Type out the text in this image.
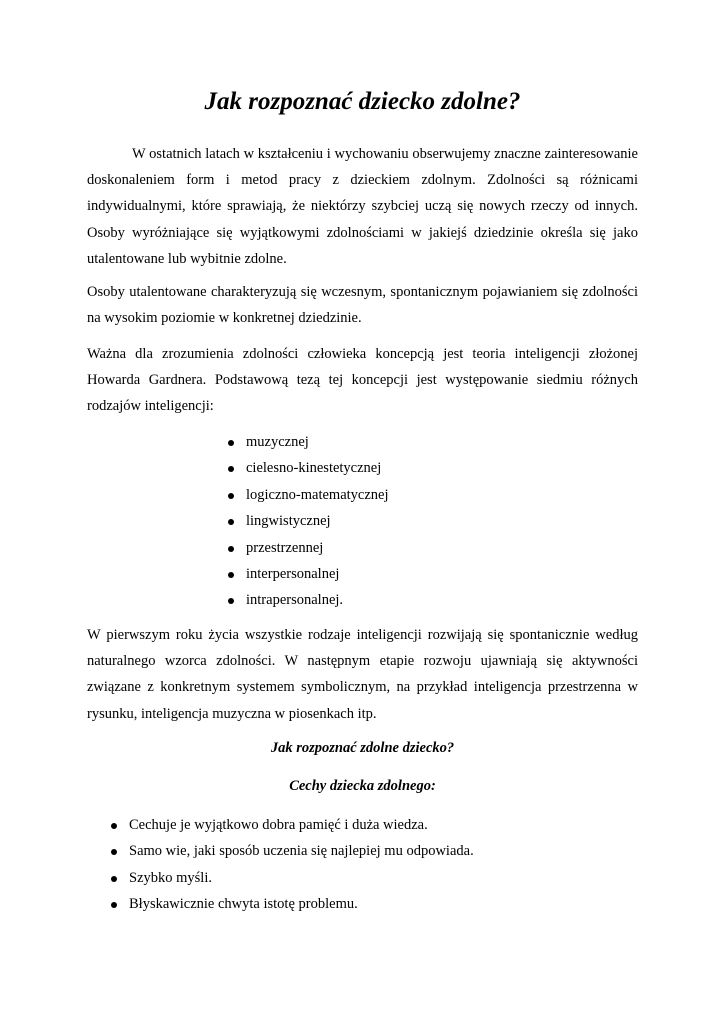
Jak rozpoznać dziecko zdolne?

W ostatnich latach w kształceniu i wychowaniu obserwujemy znaczne zainteresowanie doskonaleniem form i metod pracy z dzieckiem zdolnym. Zdolności są różnicami indywidualnymi, które sprawiają, że niektórzy szybciej uczą się nowych rzeczy od innych. Osoby wyróżniające się wyjątkowymi zdolnościami w jakiejś dziedzinie określa się jako utalentowane lub wybitnie zdolne.

Osoby utalentowane charakteryzują się wczesnym, spontanicznym pojawianiem się zdolności na wysokim poziomie w konkretnej dziedzinie.

Ważna dla zrozumienia zdolności człowieka koncepcją jest teoria inteligencji złożonej Howarda Gardnera. Podstawową tezą tej koncepcji jest występowanie siedmiu różnych rodzajów inteligencji:

muzycznej
cielesno-kinestetycznej
logiczno-matematycznej
lingwistycznej
przestrzennej
interpersonalnej
intrapersonalnej.

W pierwszym roku życia wszystkie rodzaje inteligencji rozwijają się spontanicznie według naturalnego wzorca zdolności. W następnym etapie rozwoju ujawniają się aktywności związane z konkretnym systemem symbolicznym, na przykład inteligencja przestrzenna w rysunku, inteligencja muzyczna w piosenkach itp.

Jak rozpoznać zdolne dziecko?
Cechy dziecka zdolnego:
Cechuje je wyjątkowo dobra pamięć i duża wiedza.
Samo wie, jaki sposób uczenia się najlepiej mu odpowiada.
Szybko myśli.
Błyskawicznie chwyta istotę problemu.
